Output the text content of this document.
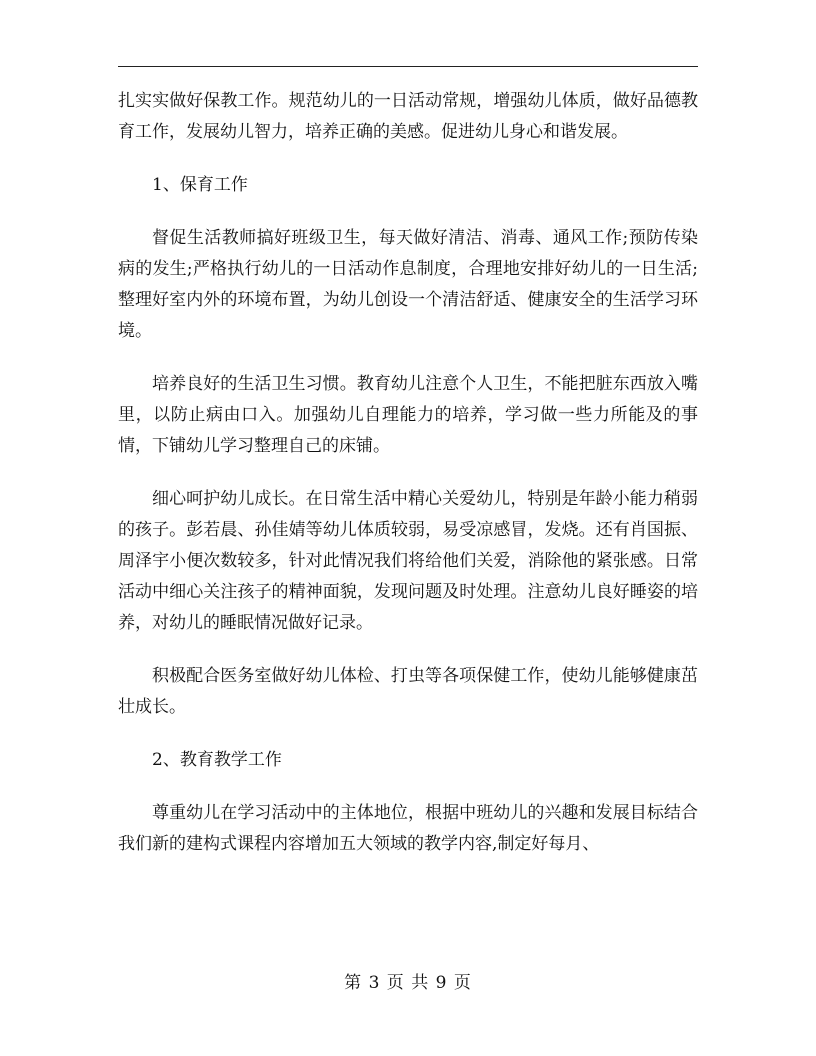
扎实实做好保教工作。规范幼儿的一日活动常规，增强幼儿体质，做好品德教育工作，发展幼儿智力，培养正确的美感。促进幼儿身心和谐发展。

1、保育工作

督促生活教师搞好班级卫生，每天做好清洁、消毒、通风工作;预防传染病的发生;严格执行幼儿的一日活动作息制度，合理地安排好幼儿的一日生活;整理好室内外的环境布置，为幼儿创设一个清洁舒适、健康安全的生活学习环境。

培养良好的生活卫生习惯。教育幼儿注意个人卫生，不能把脏东西放入嘴里，以防止病由口入。加强幼儿自理能力的培养，学习做一些力所能及的事情，下铺幼儿学习整理自己的床铺。

细心呵护幼儿成长。在日常生活中精心关爱幼儿，特别是年龄小能力稍弱的孩子。彭若晨、孙佳婧等幼儿体质较弱，易受凉感冒，发烧。还有肖国振、周泽宇小便次数较多，针对此情况我们将给他们关爱，消除他的紧张感。日常活动中细心关注孩子的精神面貌，发现问题及时处理。注意幼儿良好睡姿的培养，对幼儿的睡眠情况做好记录。

积极配合医务室做好幼儿体检、打虫等各项保健工作，使幼儿能够健康茁壮成长。

2、教育教学工作

尊重幼儿在学习活动中的主体地位，根据中班幼儿的兴趣和发展目标结合我们新的建构式课程内容增加五大领域的教学内容,制定好每月、

第 3 页 共 9 页
